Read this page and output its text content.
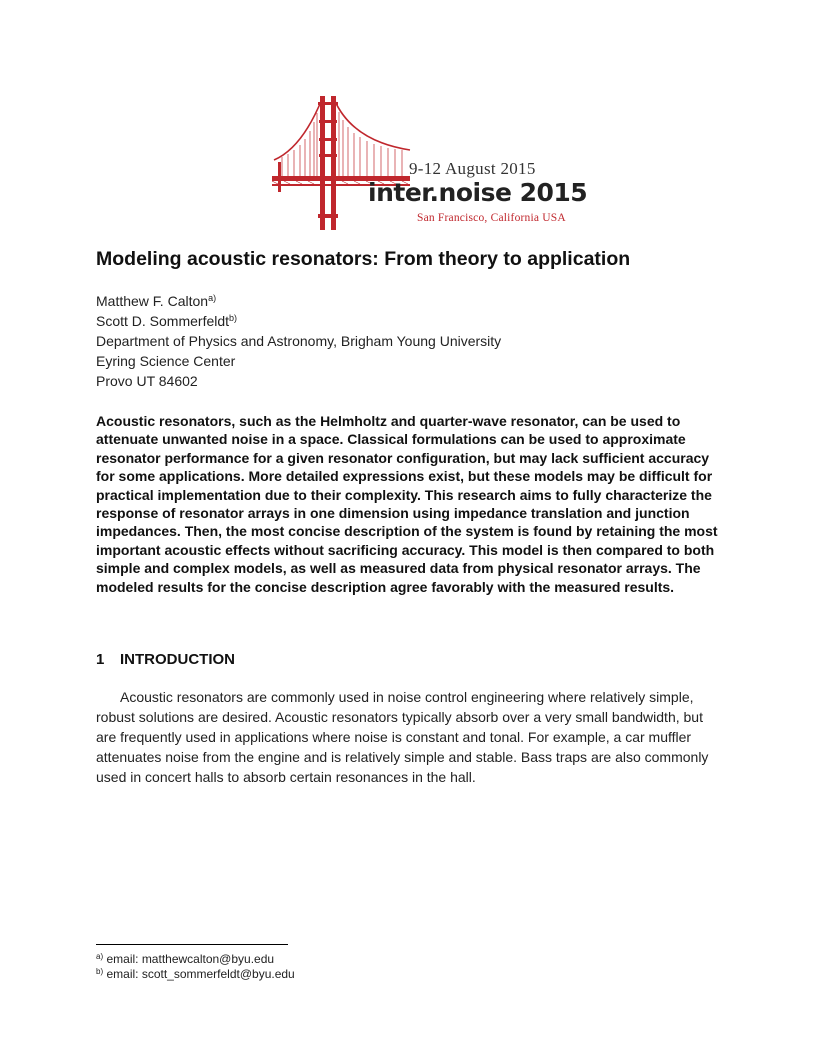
9-12 August 2015
inter.noise 2015
San Francisco, California USA
Modeling acoustic resonators: From theory to application
Matthew F. Calton$^{a)}$
Scott D. Sommerfeldt$^{b)}$
Department of Physics and Astronomy, Brigham Young University
Eyring Science Center
Provo UT 84602

Acoustic resonators, such as the Helmholtz and quarter-wave resonator, can be used to attenuate unwanted noise in a space. Classical formulations can be used to approximate resonator performance for a given resonator configuration, but may lack sufficient accuracy for some applications. More detailed expressions exist, but these models may be difficult for practical implementation due to their complexity. This research aims to fully characterize the response of resonator arrays in one dimension using impedance translation and junction impedances. Then, the most concise description of the system is found by retaining the most important acoustic effects without sacrificing accuracy. This model is then compared to both simple and complex models, as well as measured data from physical resonator arrays. The modeled results for the concise description agree favorably with the measured results.

1 INTRODUCTION

Acoustic resonators are commonly used in noise control engineering where relatively simple, robust solutions are desired. Acoustic resonators typically absorb over a very small bandwidth, but are frequently used in applications where noise is constant and tonal. For example, a car muffler attenuates noise from the engine and is relatively simple and stable. Bass traps are also commonly used in concert halls to absorb certain resonances in the hall.

$^{a)}$ email: matthewcalton@byu.edu
$^{b)}$ email: scott_sommerfeldt@byu.edu
